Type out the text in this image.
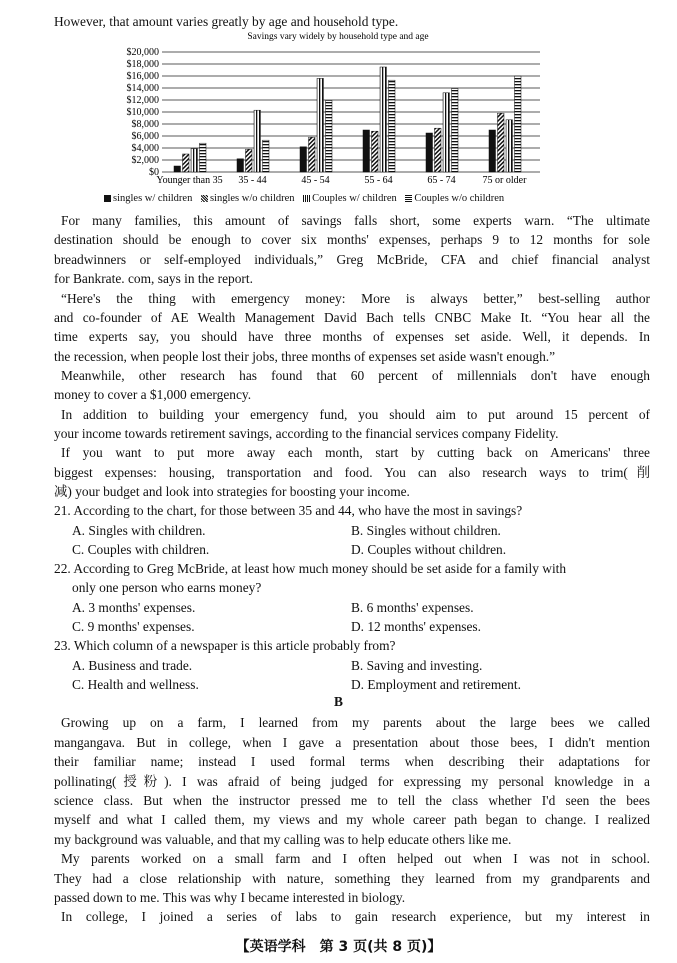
However, that amount varies greatly by age and household type.
Savings vary widely by household type and age
$0
$2,000
$4,000
$6,000
$8,000
$10,000
$12,000
$14,000
$16,000
$18,000
$20,000
Younger than 35 35 - 44	45 - 54	55 - 64	65 - 74	75 or older
singles w/ children singles w/o children Couples w/ children Couples w/o children
For many families, this amount of savings falls short, some experts warn. “The ultimate
destination should be enough to cover six months' expenses, perhaps 9 to 12 months for sole
breadwinners or self-employed individuals,” Greg McBride, CFA and chief financial analyst
for Bankrate. com, says in the report.
“Here's the thing with emergency money: More is always better,” best-selling author
and co-founder of AE Wealth Management David Bach tells CNBC Make It. “You hear all the
time experts say, you should have three months of expenses set aside. Well, it depends. In
the recession, when people lost their jobs, three months of expenses set aside wasn't enough.”
Meanwhile, other research has found that 60 percent of millennials don't have enough
money to cover a $1,000 emergency.
In addition to building your emergency fund, you should aim to put around 15 percent of
your income towards retirement savings, according to the financial services company Fidelity.
If you want to put more away each month, start by cutting back on Americans' three
biggest expenses: housing, transportation and food. You can also research ways to trim(削
减) your budget and look into strategies for boosting your income.
21. According to the chart, for those between 35 and 44, who have the most in savings?
A. Singles with children.	B. Singles without children.
C. Couples with children.	D. Couples without children.
22. According to Greg McBride, at least how much money should be set aside for a family with
only one person who earns money?
A. 3 months' expenses.	B. 6 months' expenses.
C. 9 months' expenses.	D. 12 months' expenses.
23. Which column of a newspaper is this article probably from?
A. Business and trade.	B. Saving and investing.
C. Health and wellness.	D. Employment and retirement.
B
Growing up on a farm, I learned from my parents about the large bees we called
mangangava. But in college, when I gave a presentation about those bees, I didn't mention
their familiar name; instead I used formal terms when describing their adaptations for
pollinating(授粉). I was afraid of being judged for expressing my personal knowledge in a
science class. But when the instructor pressed me to tell the class whether I'd seen the bees
myself and what I called them, my views and my whole career path began to change. I realized
my background was valuable, and that my calling was to help educate others like me.
My parents worked on a small farm and I often helped out when I was not in school.
They had a close relationship with nature, something they learned from my grandparents and
passed down to me. This was why I became interested in biology.
In college, I joined a series of labs to gain research experience, but my interest in
【英语学科　第 3 页(共 8 页)】
